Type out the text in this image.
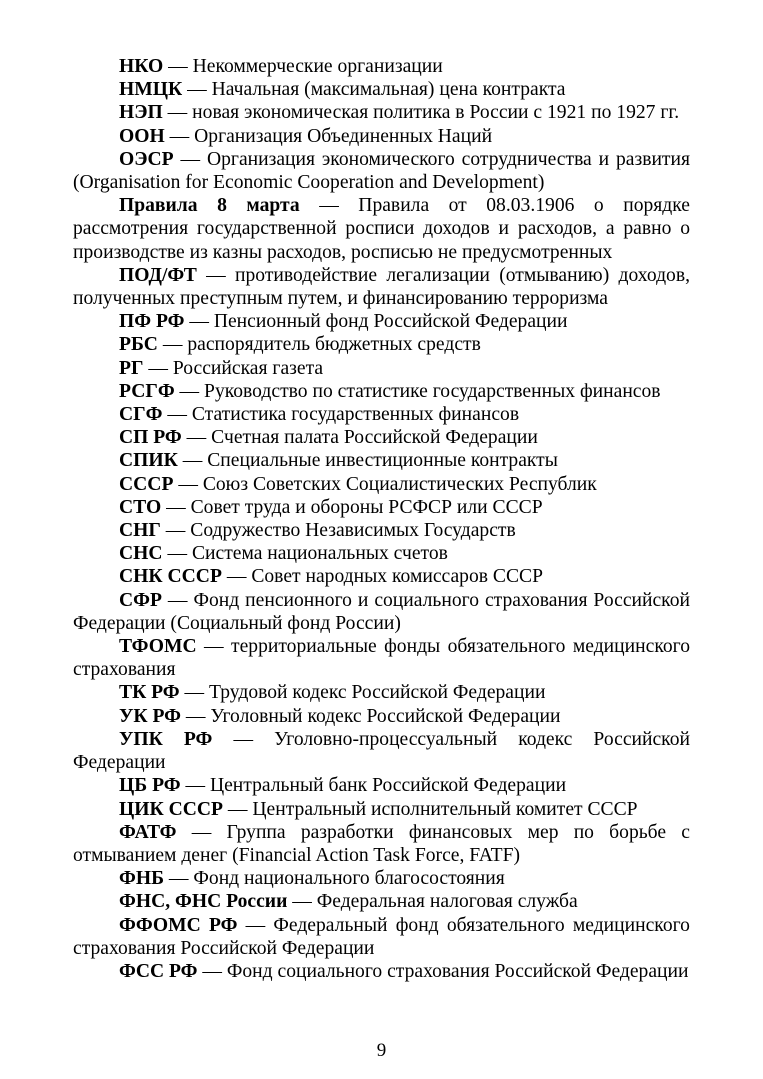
НКО — Некоммерческие организации

НМЦК — Начальная (максимальная) цена контракта

НЭП — новая экономическая политика в России с 1921 по 1927 гг.

ООН — Организация Объединенных Наций

ОЭСР — Организация экономического сотрудничества и развития (Organisation for Economic Cooperation and Development)

Правила 8 марта — Правила от 08.03.1906 о порядке рассмотрения государственной росписи доходов и расходов, а равно о производстве из казны расходов, росписью не предусмотренных

ПОД/ФТ — противодействие легализации (отмыванию) доходов, полученных преступным путем, и финансированию терроризма

ПФ РФ — Пенсионный фонд Российской Федерации

РБС — распорядитель бюджетных средств

РГ — Российская газета

РСГФ — Руководство по статистике государственных финансов

СГФ — Статистика государственных финансов

СП РФ — Счетная палата Российской Федерации

СПИК — Специальные инвестиционные контракты

СССР — Союз Советских Социалистических Республик

СТО — Совет труда и обороны РСФСР или СССР

СНГ — Содружество Независимых Государств

СНС — Система национальных счетов

СНК СССР — Совет народных комиссаров СССР

СФР — Фонд пенсионного и социального страхования Российской Федерации (Социальный фонд России)

ТФОМС — территориальные фонды обязательного медицинского страхования

ТК РФ — Трудовой кодекс Российской Федерации

УК РФ — Уголовный кодекс Российской Федерации

УПК РФ — Уголовно-процессуальный кодекс Российской Федерации

ЦБ РФ — Центральный банк Российской Федерации

ЦИК СССР — Центральный исполнительный комитет СССР

ФАТФ — Группа разработки финансовых мер по борьбе с отмыванием денег (Financial Action Task Force, FATF)

ФНБ — Фонд национального благосостояния

ФНС, ФНС России — Федеральная налоговая служба

ФФОМС РФ — Федеральный фонд обязательного медицинского страхования Российской Федерации

ФСС РФ — Фонд социального страхования Российской Федерации

9
